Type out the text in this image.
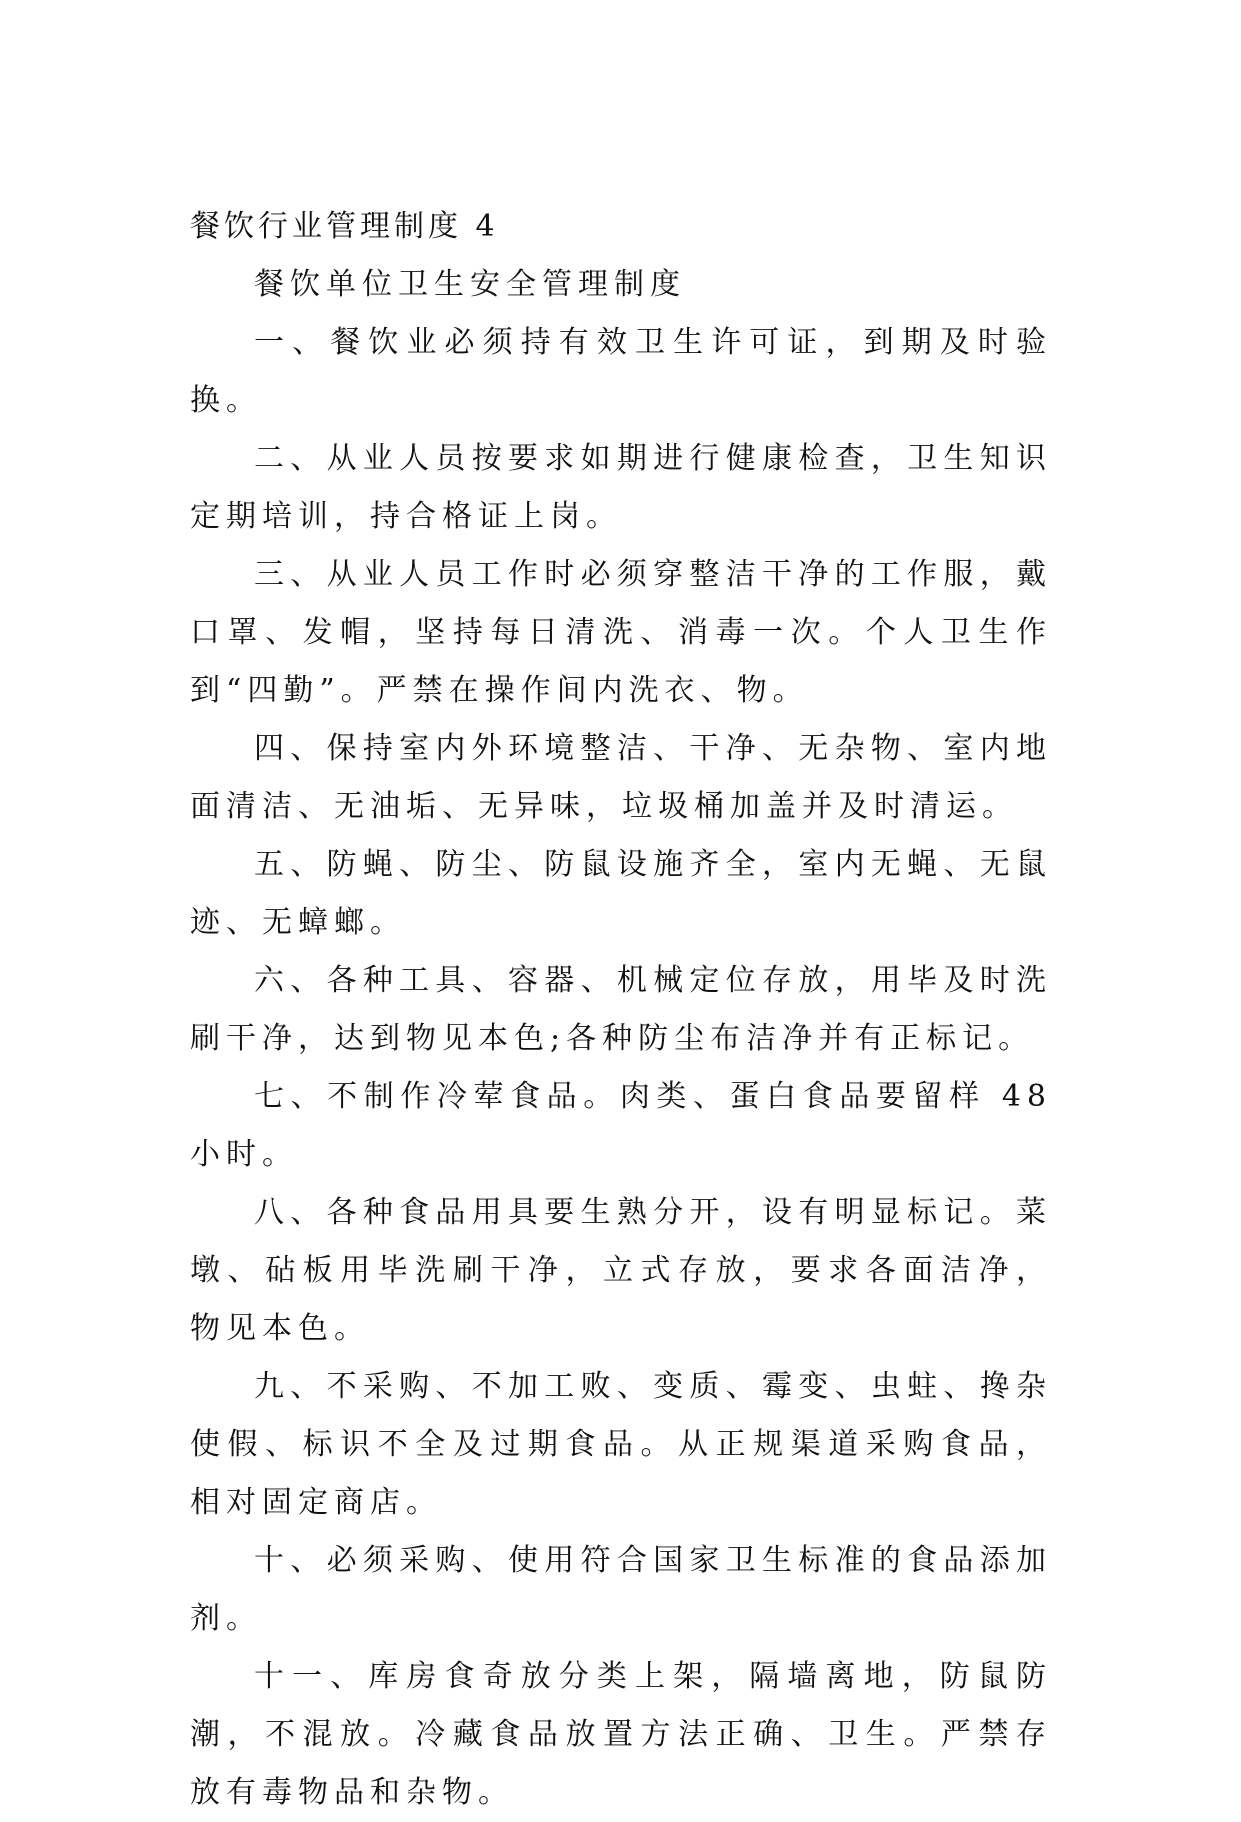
餐饮行业管理制度 4

餐饮单位卫生安全管理制度

一、餐饮业必须持有效卫生许可证，到期及时验换。

二、从业人员按要求如期进行健康检查，卫生知识定期培训，持合格证上岗。

三、从业人员工作时必须穿整洁干净的工作服，戴口罩、发帽，坚持每日清洗、消毒一次。个人卫生作到“四勤”。严禁在操作间内洗衣、物。

四、保持室内外环境整洁、干净、无杂物、室内地面清洁、无油垢、无异味，垃圾桶加盖并及时清运。

五、防蝇、防尘、防鼠设施齐全，室内无蝇、无鼠迹、无蟑螂。

六、各种工具、容器、机械定位存放，用毕及时洗刷干净，达到物见本色;各种防尘布洁净并有正标记。

七、不制作冷荤食品。肉类、蛋白食品要留样 48 小时。

八、各种食品用具要生熟分开，设有明显标记。菜墩、砧板用毕洗刷干净，立式存放，要求各面洁净，物见本色。

九、不采购、不加工败、变质、霉变、虫蛀、搀杂使假、标识不全及过期食品。从正规渠道采购食品，相对固定商店。

十、必须采购、使用符合国家卫生标准的食品添加剂。

十一、库房食奇放分类上架，隔墙离地，防鼠防潮，不混放。冷藏食品放置方法正确、卫生。严禁存放有毒物品和杂物。
